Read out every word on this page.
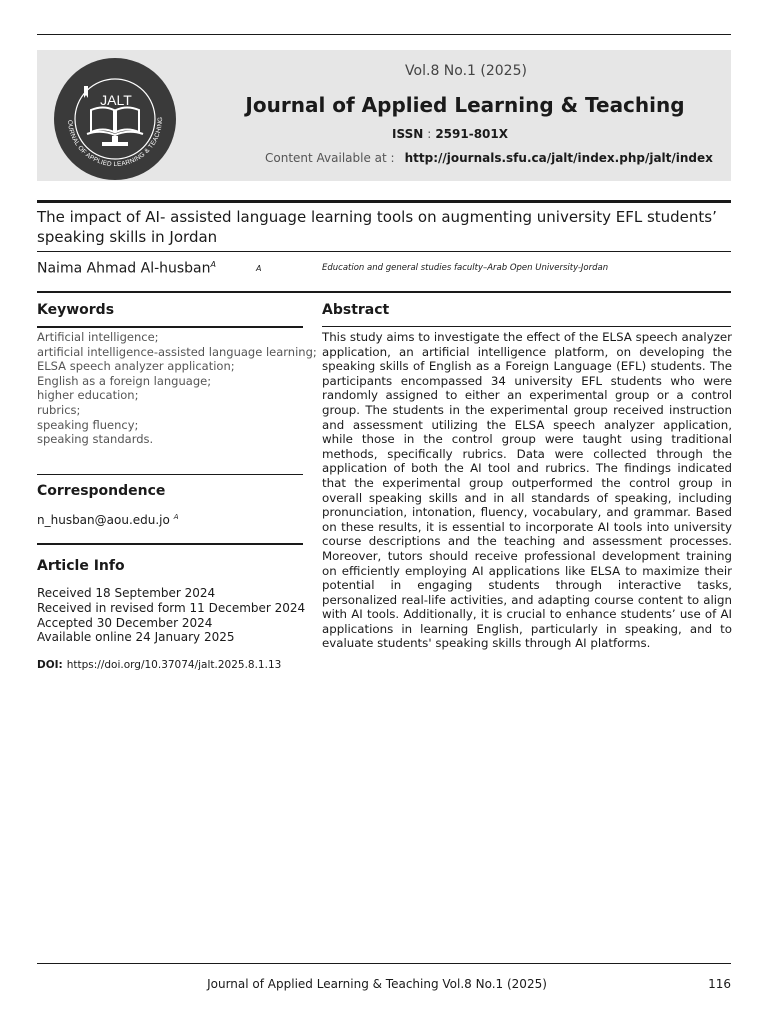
JALT
OURNAL OF APPLIED LEARNING & TEACHING
Vol.8 No.1 (2025)
Journal of Applied Learning & Teaching
ISSN : 2591-801X
Content Available at : http://journals.sfu.ca/jalt/index.php/jalt/index
The impact of AI- assisted language learning tools on augmenting university EFL students’ speaking skills in Jordan
Naima Ahmad Al-husban$^A$	A	Education and general studies faculty–Arab Open University-Jordan
Keywords
Artificial intelligence;
artificial intelligence-assisted language learning;
ELSA speech analyzer application;
English as a foreign language;
higher education;
rubrics;
speaking fluency;
speaking standards.
Correspondence
n_husban@aou.edu.jo $^A$
Article Info
Received 18 September 2024
Received in revised form 11 December 2024
Accepted 30 December 2024
Available online 24 January 2025
DOI: https://doi.org/10.37074/jalt.2025.8.1.13
Abstract

This study aims to investigate the effect of the ELSA speech analyzer application, an artificial intelligence platform, on developing the speaking skills of English as a Foreign Language (EFL) students. The participants encompassed 34 university EFL students who were randomly assigned to either an experimental group or a control group. The students in the experimental group received instruction and assessment utilizing the ELSA speech analyzer application, while those in the control group were taught using traditional methods, specifically rubrics. Data were collected through the application of both the AI tool and rubrics. The findings indicated that the experimental group outperformed the control group in overall speaking skills and in all standards of speaking, including pronunciation, intonation, fluency, vocabulary, and grammar. Based on these results, it is essential to incorporate AI tools into university course descriptions and the teaching and assessment processes. Moreover, tutors should receive professional development training on efficiently employing AI applications like ELSA to maximize their potential in engaging students through interactive tasks, personalized real-life activities, and adapting course content to align with AI tools. Additionally, it is crucial to enhance students’ use of AI applications in learning English, particularly in speaking, and to evaluate students' speaking skills through AI platforms.

Journal of Applied Learning & Teaching Vol.8 No.1 (2025)	116
